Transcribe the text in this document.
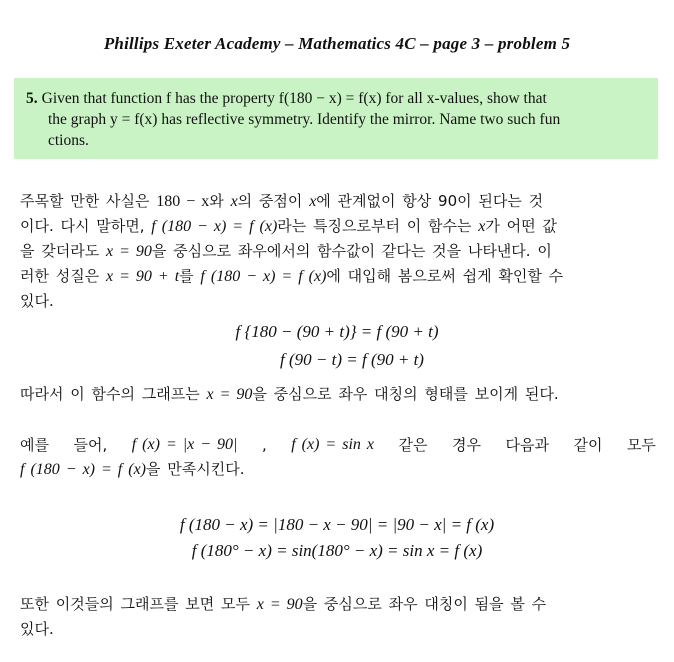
Phillips Exeter Academy – Mathematics 4C – page 3 – problem 5
5. Given that function f has the property f(180 − x) = f(x) for all x-values, show that
the graph y = f(x) has reflective symmetry. Identify the mirror. Name two such fun
ctions.
주목할 만한 사실은 180 − x와 x의 중점이 x에 관계없이 항상 90이 된다는 것
이다. 다시 말하면, f (180 − x) = f (x)라는 특징으로부터 이 함수는 x가 어떤 값
을 갖더라도 x = 90을 중심으로 좌우에서의 함수값이 같다는 것을 나타낸다. 이
러한 성질은 x = 90 + t를 f (180 − x) = f (x)에 대입해 봄으로써 쉽게 확인할 수
있다.
f {180 − (90 + t)} = f (90 + t)
f (90 − t) = f (90 + t)
따라서 이 함수의 그래프는 x = 90을 중심으로 좌우 대칭의 형태를 보이게 된다.
예를 들어, f (x) = |x − 90| , f (x) = sin x 같은 경우 다음과 같이 모두
f (180 − x) = f (x)을 만족시킨다.
f (180 − x) = |180 − x − 90| = |90 − x| = f (x)
f (180° − x) = sin(180° − x) = sin x = f (x)
또한 이것들의 그래프를 보면 모두 x = 90을 중심으로 좌우 대칭이 됨을 볼 수
있다.
